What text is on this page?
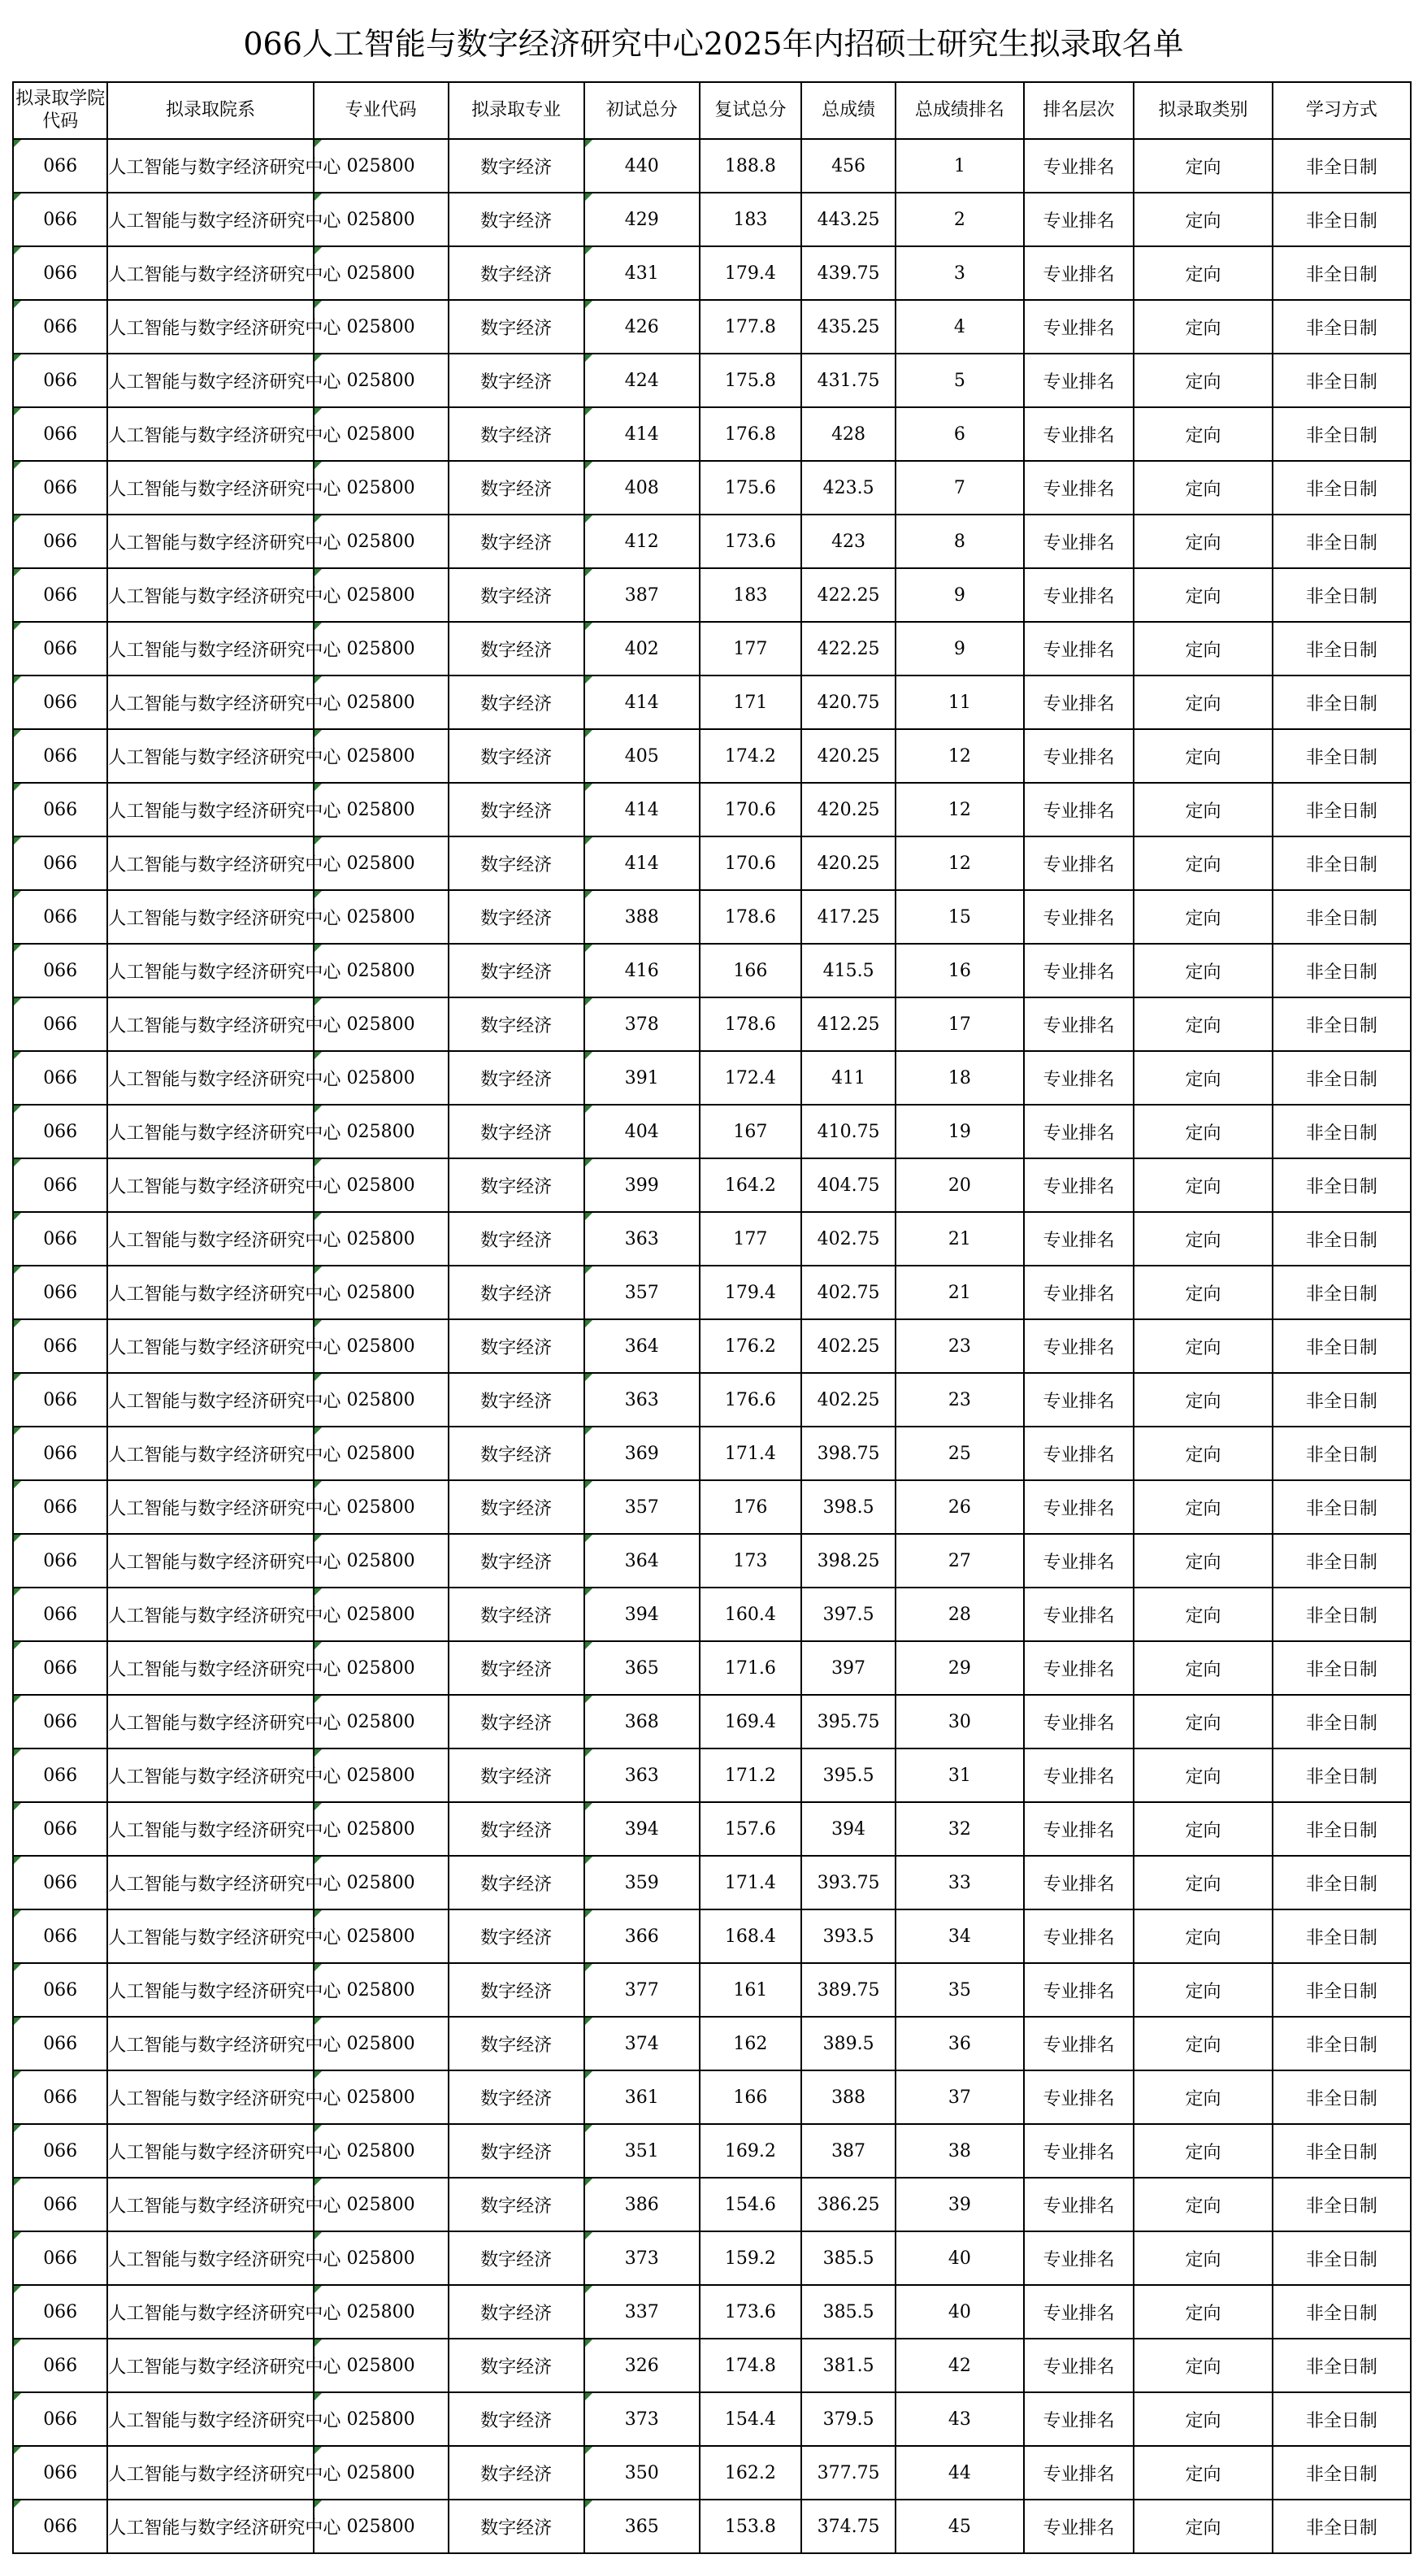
066人工智能与数字经济研究中心2025年内招硕士研究生拟录取名单
拟录取学院代码	拟录取院系	专业代码	拟录取专业	初试总分	复试总分	总成绩	总成绩排名	排名层次	拟录取类别	学习方式
066	人工智能与数字经济研究中心	025800	数字经济	440	188.8	456	1	专业排名	定向	非全日制
066	人工智能与数字经济研究中心	025800	数字经济	429	183	443.25	2	专业排名	定向	非全日制
066	人工智能与数字经济研究中心	025800	数字经济	431	179.4	439.75	3	专业排名	定向	非全日制
066	人工智能与数字经济研究中心	025800	数字经济	426	177.8	435.25	4	专业排名	定向	非全日制
066	人工智能与数字经济研究中心	025800	数字经济	424	175.8	431.75	5	专业排名	定向	非全日制
066	人工智能与数字经济研究中心	025800	数字经济	414	176.8	428	6	专业排名	定向	非全日制
066	人工智能与数字经济研究中心	025800	数字经济	408	175.6	423.5	7	专业排名	定向	非全日制
066	人工智能与数字经济研究中心	025800	数字经济	412	173.6	423	8	专业排名	定向	非全日制
066	人工智能与数字经济研究中心	025800	数字经济	387	183	422.25	9	专业排名	定向	非全日制
066	人工智能与数字经济研究中心	025800	数字经济	402	177	422.25	9	专业排名	定向	非全日制
066	人工智能与数字经济研究中心	025800	数字经济	414	171	420.75	11	专业排名	定向	非全日制
066	人工智能与数字经济研究中心	025800	数字经济	405	174.2	420.25	12	专业排名	定向	非全日制
066	人工智能与数字经济研究中心	025800	数字经济	414	170.6	420.25	12	专业排名	定向	非全日制
066	人工智能与数字经济研究中心	025800	数字经济	414	170.6	420.25	12	专业排名	定向	非全日制
066	人工智能与数字经济研究中心	025800	数字经济	388	178.6	417.25	15	专业排名	定向	非全日制
066	人工智能与数字经济研究中心	025800	数字经济	416	166	415.5	16	专业排名	定向	非全日制
066	人工智能与数字经济研究中心	025800	数字经济	378	178.6	412.25	17	专业排名	定向	非全日制
066	人工智能与数字经济研究中心	025800	数字经济	391	172.4	411	18	专业排名	定向	非全日制
066	人工智能与数字经济研究中心	025800	数字经济	404	167	410.75	19	专业排名	定向	非全日制
066	人工智能与数字经济研究中心	025800	数字经济	399	164.2	404.75	20	专业排名	定向	非全日制
066	人工智能与数字经济研究中心	025800	数字经济	363	177	402.75	21	专业排名	定向	非全日制
066	人工智能与数字经济研究中心	025800	数字经济	357	179.4	402.75	21	专业排名	定向	非全日制
066	人工智能与数字经济研究中心	025800	数字经济	364	176.2	402.25	23	专业排名	定向	非全日制
066	人工智能与数字经济研究中心	025800	数字经济	363	176.6	402.25	23	专业排名	定向	非全日制
066	人工智能与数字经济研究中心	025800	数字经济	369	171.4	398.75	25	专业排名	定向	非全日制
066	人工智能与数字经济研究中心	025800	数字经济	357	176	398.5	26	专业排名	定向	非全日制
066	人工智能与数字经济研究中心	025800	数字经济	364	173	398.25	27	专业排名	定向	非全日制
066	人工智能与数字经济研究中心	025800	数字经济	394	160.4	397.5	28	专业排名	定向	非全日制
066	人工智能与数字经济研究中心	025800	数字经济	365	171.6	397	29	专业排名	定向	非全日制
066	人工智能与数字经济研究中心	025800	数字经济	368	169.4	395.75	30	专业排名	定向	非全日制
066	人工智能与数字经济研究中心	025800	数字经济	363	171.2	395.5	31	专业排名	定向	非全日制
066	人工智能与数字经济研究中心	025800	数字经济	394	157.6	394	32	专业排名	定向	非全日制
066	人工智能与数字经济研究中心	025800	数字经济	359	171.4	393.75	33	专业排名	定向	非全日制
066	人工智能与数字经济研究中心	025800	数字经济	366	168.4	393.5	34	专业排名	定向	非全日制
066	人工智能与数字经济研究中心	025800	数字经济	377	161	389.75	35	专业排名	定向	非全日制
066	人工智能与数字经济研究中心	025800	数字经济	374	162	389.5	36	专业排名	定向	非全日制
066	人工智能与数字经济研究中心	025800	数字经济	361	166	388	37	专业排名	定向	非全日制
066	人工智能与数字经济研究中心	025800	数字经济	351	169.2	387	38	专业排名	定向	非全日制
066	人工智能与数字经济研究中心	025800	数字经济	386	154.6	386.25	39	专业排名	定向	非全日制
066	人工智能与数字经济研究中心	025800	数字经济	373	159.2	385.5	40	专业排名	定向	非全日制
066	人工智能与数字经济研究中心	025800	数字经济	337	173.6	385.5	40	专业排名	定向	非全日制
066	人工智能与数字经济研究中心	025800	数字经济	326	174.8	381.5	42	专业排名	定向	非全日制
066	人工智能与数字经济研究中心	025800	数字经济	373	154.4	379.5	43	专业排名	定向	非全日制
066	人工智能与数字经济研究中心	025800	数字经济	350	162.2	377.75	44	专业排名	定向	非全日制
066	人工智能与数字经济研究中心	025800	数字经济	365	153.8	374.75	45	专业排名	定向	非全日制
